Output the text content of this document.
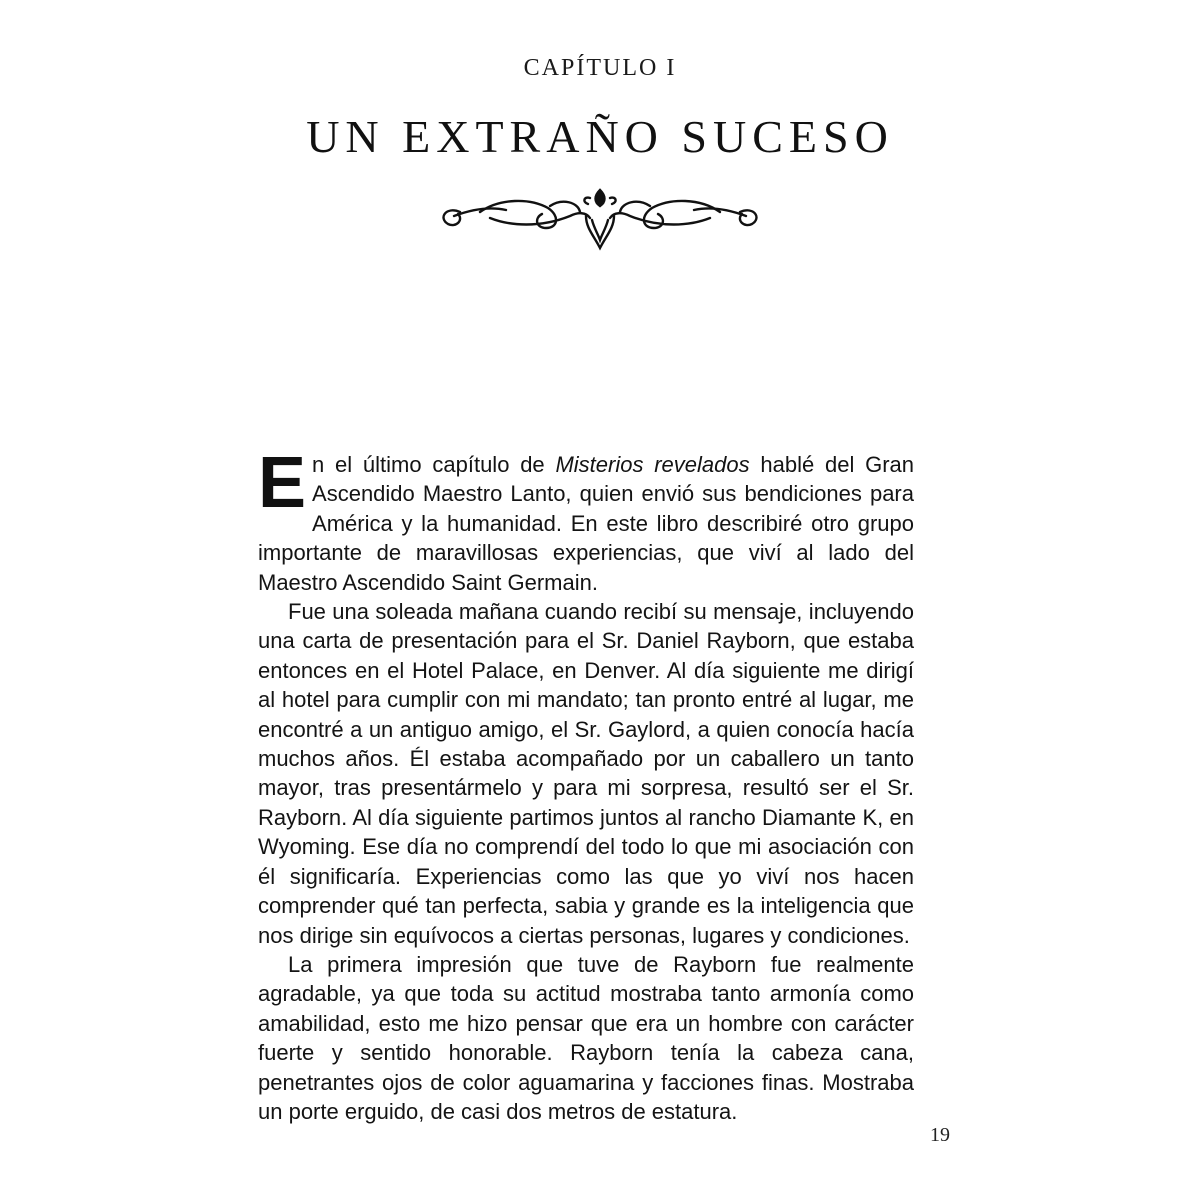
CAPÍTULO I
UN EXTRAÑO SUCESO

En el último capítulo de Misterios revelados hablé del Gran Ascendido Maestro Lanto, quien envió sus bendiciones para América y la humanidad. En este libro describiré otro grupo importante de maravillosas experiencias, que viví al lado del Maestro Ascendido Saint Germain.

Fue una soleada mañana cuando recibí su mensaje, incluyendo una carta de presentación para el Sr. Daniel Rayborn, que estaba entonces en el Hotel Palace, en Denver. Al día siguiente me dirigí al hotel para cumplir con mi mandato; tan pronto entré al lugar, me encontré a un antiguo amigo, el Sr. Gaylord, a quien conocía hacía muchos años. Él estaba acompañado por un caballero un tanto mayor, tras presentármelo y para mi sorpresa, resultó ser el Sr. Rayborn. Al día siguiente partimos juntos al rancho Diamante K, en Wyoming. Ese día no comprendí del todo lo que mi asociación con él significaría. Experiencias como las que yo viví nos hacen comprender qué tan perfecta, sabia y grande es la inteligencia que nos dirige sin equívocos a ciertas personas, lugares y condiciones.

La primera impresión que tuve de Rayborn fue realmente agradable, ya que toda su actitud mostraba tanto armonía como amabilidad, esto me hizo pensar que era un hombre con carácter fuerte y sentido honorable. Rayborn tenía la cabeza cana, penetrantes ojos de color aguamarina y facciones finas. Mostraba un porte erguido, de casi dos metros de estatura.

19
